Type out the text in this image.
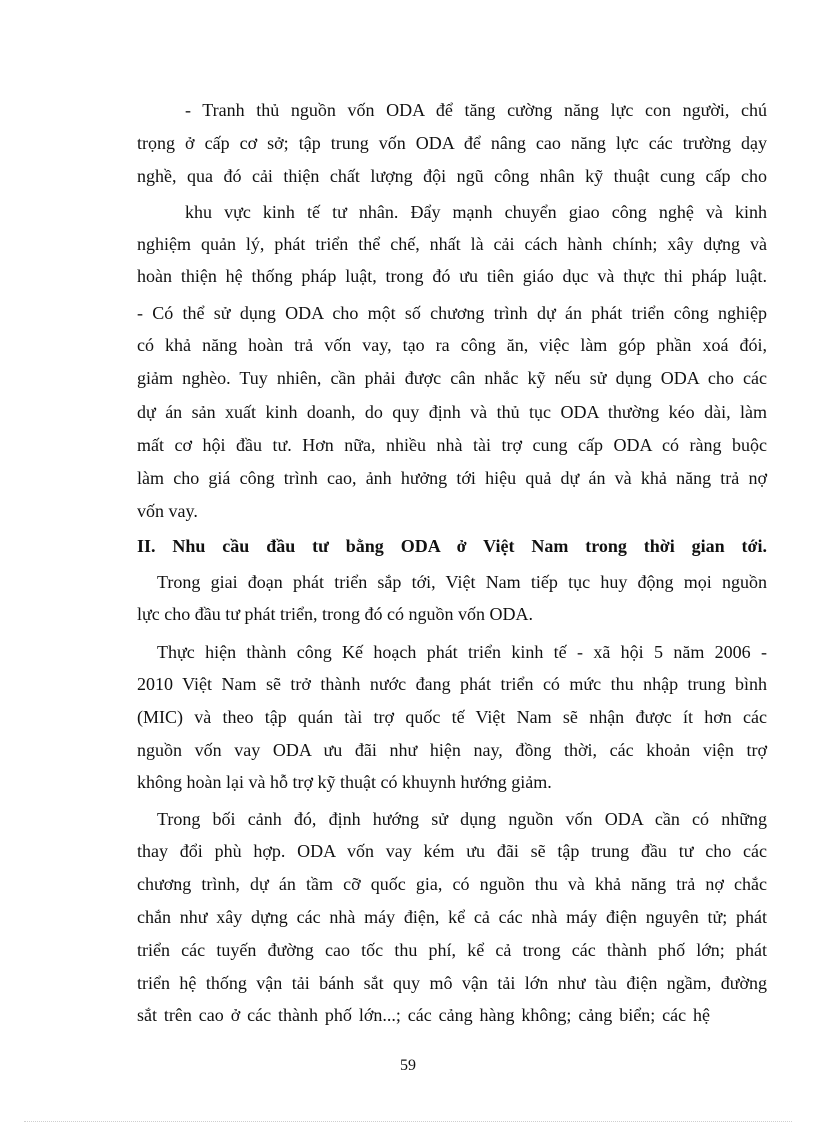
- Tranh thủ nguồn vốn ODA để tăng cường năng lực con người, chú

trọng ở cấp cơ sở; tập trung vốn ODA để nâng cao năng lực các trường dạy

nghề, qua đó cải thiện chất lượng đội ngũ công nhân kỹ thuật cung cấp cho

khu vực kinh tế tư nhân. Đẩy mạnh chuyển giao công nghệ và kinh

nghiệm quản lý, phát triển thể chế, nhất là cải cách hành chính; xây dựng và

hoàn thiện hệ thống pháp luật, trong đó ưu tiên giáo dục và thực thi pháp luật.

- Có thể sử dụng ODA cho một số chương trình dự án phát triển công nghiệp

có khả năng hoàn trả vốn vay, tạo ra công ăn, việc làm góp phần xoá đói,

giảm nghèo. Tuy nhiên, cần phải được cân nhắc kỹ nếu sử dụng ODA cho các

dự án sản xuất kinh doanh, do quy định và thủ tục ODA thường kéo dài, làm

mất cơ hội đầu tư. Hơn nữa, nhiều nhà tài trợ cung cấp ODA có ràng buộc

làm cho giá công trình cao, ảnh hưởng tới hiệu quả dự án và khả năng trả nợ

vốn vay.

II. Nhu cầu đầu tư bằng ODA ở Việt Nam trong thời gian tới.

Trong giai đoạn phát triển sắp tới, Việt Nam tiếp tục huy động mọi nguồn

lực cho đầu tư phát triển, trong đó có nguồn vốn ODA.

Thực hiện thành công Kế hoạch phát triển kinh tế - xã hội 5 năm 2006 -

2010 Việt Nam sẽ trở thành nước đang phát triển có mức thu nhập trung bình

(MIC) và theo tập quán tài trợ quốc tế Việt Nam sẽ nhận được ít hơn các

nguồn vốn vay ODA ưu đãi như hiện nay, đồng thời, các khoản viện trợ

không hoàn lại và hỗ trợ kỹ thuật có khuynh hướng giảm.

Trong bối cảnh đó, định hướng sử dụng nguồn vốn ODA cần có những

thay đổi phù hợp. ODA vốn vay kém ưu đãi sẽ tập trung đầu tư cho các

chương trình, dự án tầm cỡ quốc gia, có nguồn thu và khả năng trả nợ chắc

chắn như xây dựng các nhà máy điện, kể cả các nhà máy điện nguyên tử; phát

triển các tuyến đường cao tốc thu phí, kể cả trong các thành phố lớn; phát

triển hệ thống vận tải bánh sắt quy mô vận tải lớn như tàu điện ngầm, đường

sắt trên cao ở các thành phố lớn...; các cảng hàng không; cảng biển; các hệ

59
